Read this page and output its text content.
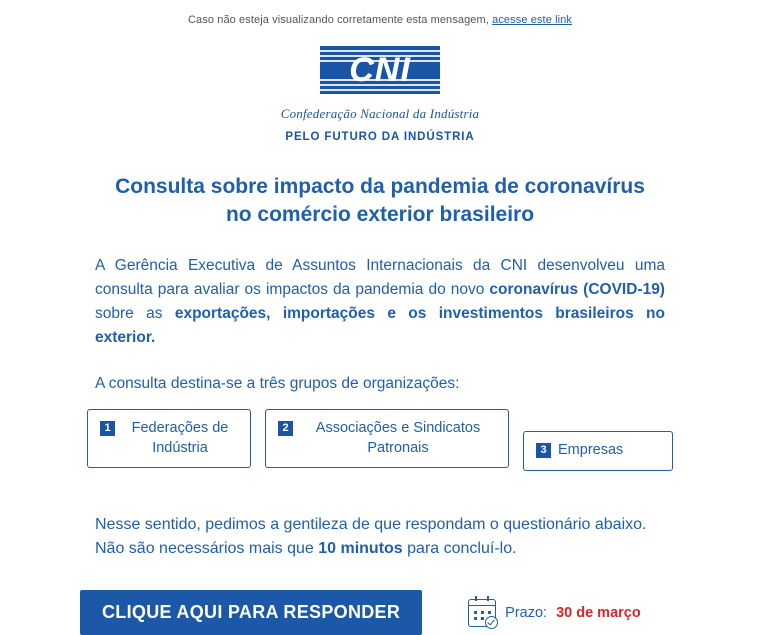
Caso não esteja visualizando corretamente esta mensagem, acesse este link
CNI
Confederação Nacional da Indústria
PELO FUTURO DA INDÚSTRIA
Consulta sobre impacto da pandemia de coronavírus
no comércio exterior brasileiro
A Gerência Executiva de Assuntos Internacionais da CNI desenvolveu uma consulta para avaliar os impactos da pandemia do novo coronavírus (COVID-19) sobre as exportações, importações e os investimentos brasileiros no exterior.
A consulta destina-se a três grupos de organizações:
1	Federações de Indústria
2	Associações e Sindicatos Patronais	3 Empresas
Nesse sentido, pedimos a gentileza de que respondam o questionário abaixo. Não são necessários mais que 10 minutos para concluí-lo.
CLIQUE AQUI PARA RESPONDER	Prazo: 30 de março
